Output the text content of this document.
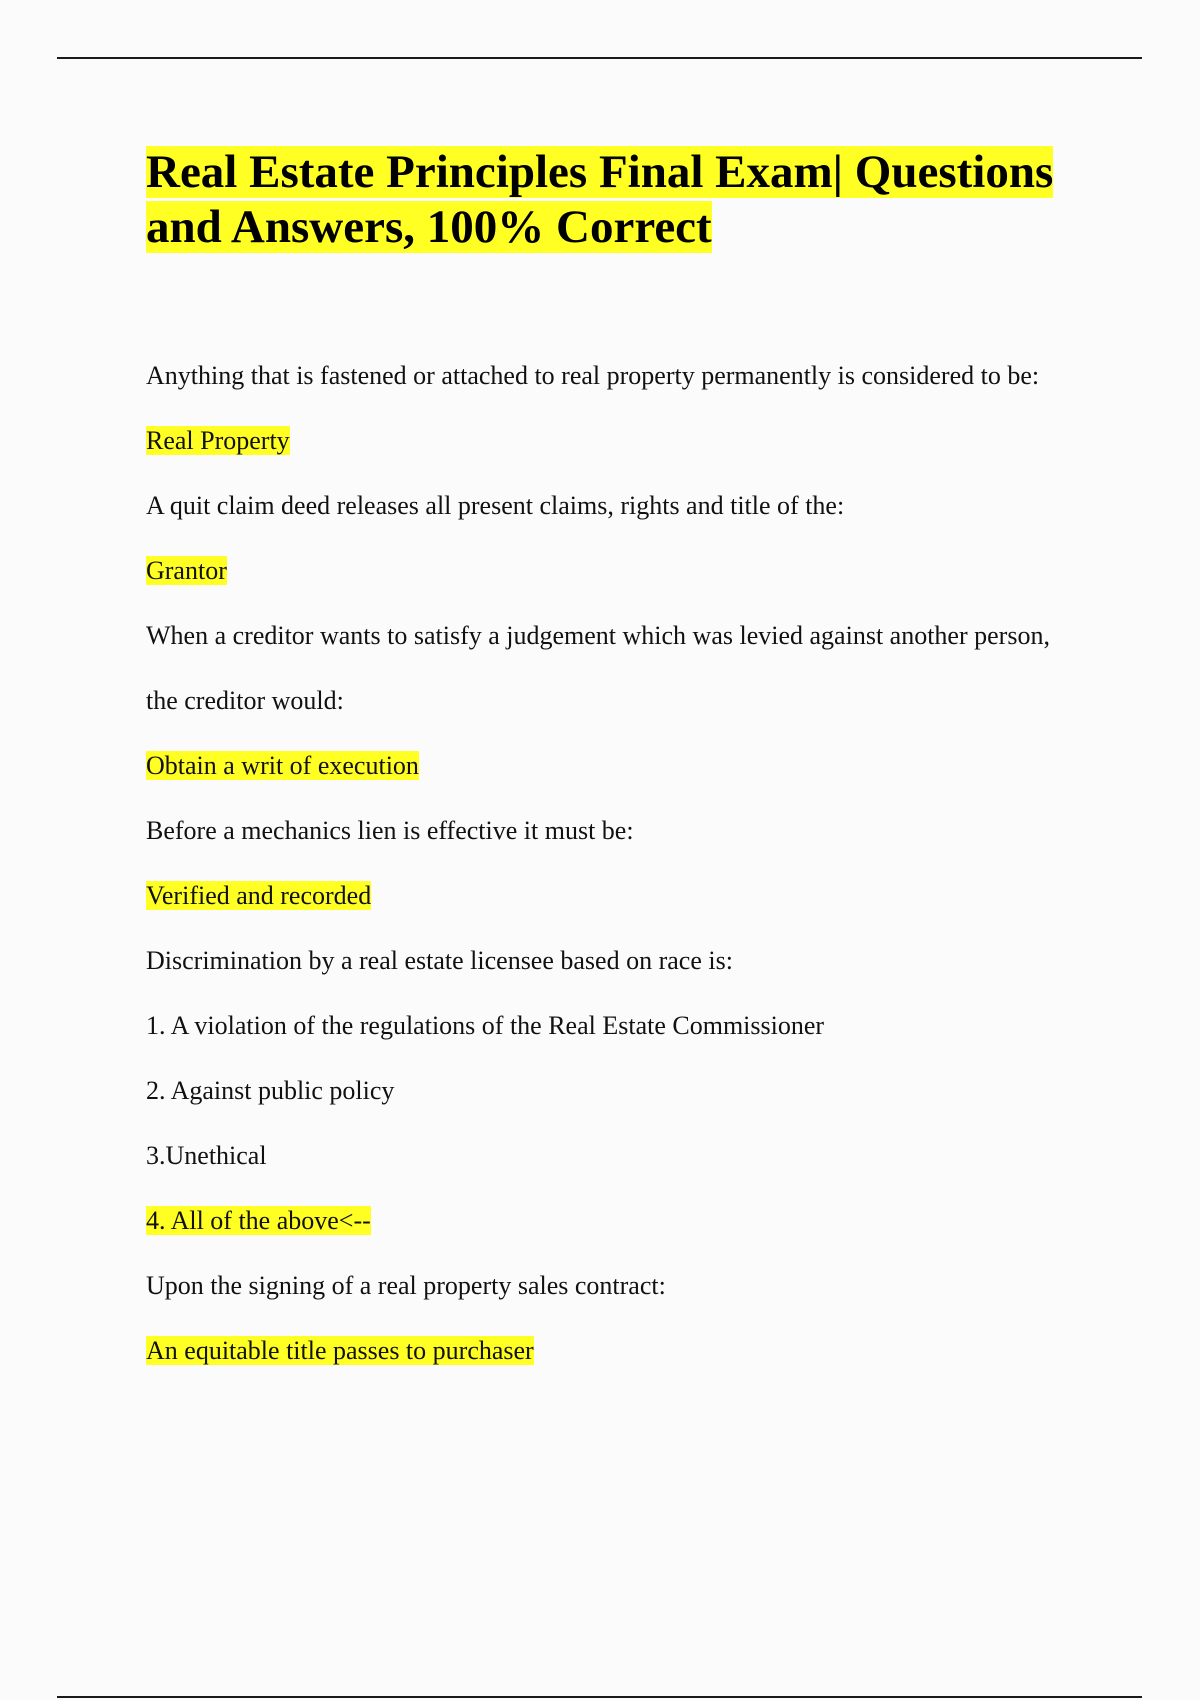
Real Estate Principles Final Exam| Questions and Answers, 100% Correct

Anything that is fastened or attached to real property permanently is considered to be:

Real Property

A quit claim deed releases all present claims, rights and title of the:

Grantor

When a creditor wants to satisfy a judgement which was levied against another person, the creditor would:

Obtain a writ of execution

Before a mechanics lien is effective it must be:

Verified and recorded

Discrimination by a real estate licensee based on race is:

1. A violation of the regulations of the Real Estate Commissioner

2. Against public policy

3.Unethical

4. All of the above<--

Upon the signing of a real property sales contract:

An equitable title passes to purchaser
